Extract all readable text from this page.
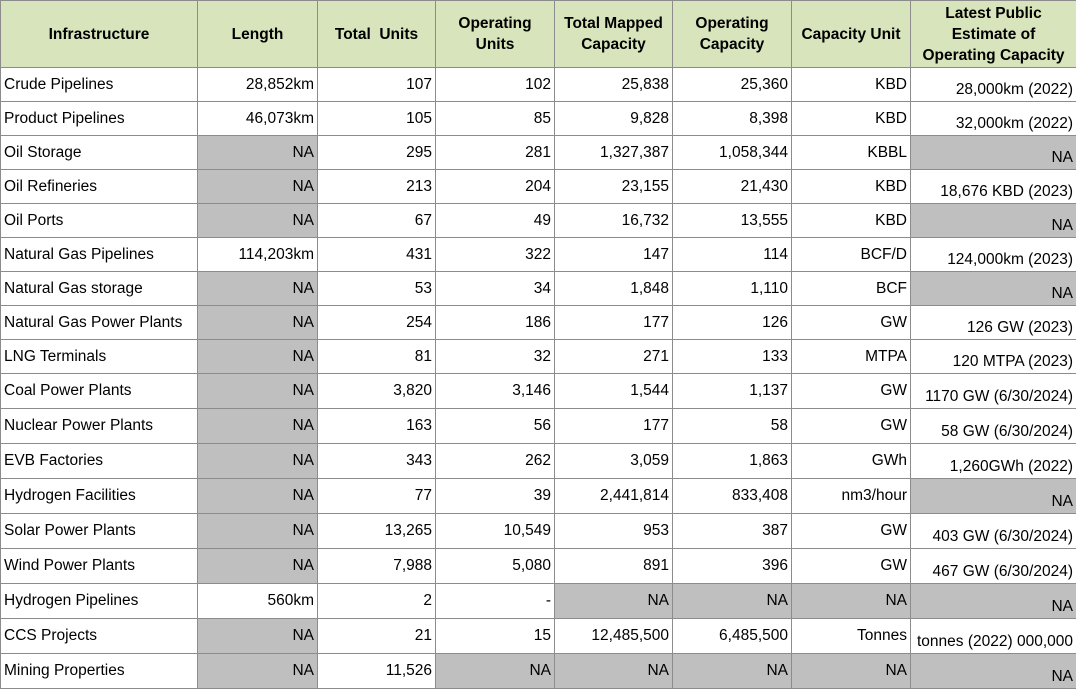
Infrastructure	Length	Total  Units	Operating Units	Total Mapped Capacity	Operating Capacity	Capacity Unit	Latest Public Estimate of Operating Capacity
Crude Pipelines	28,852km	107	102	25,838	25,360	KBD	28,000km (2022)
Product Pipelines	46,073km	105	85	9,828	8,398	KBD	32,000km (2022)
Oil Storage	NA	295	281	1,327,387	1,058,344	KBBL	NA
Oil Refineries	NA	213	204	23,155	21,430	KBD	18,676 KBD (2023)
Oil Ports	NA	67	49	16,732	13,555	KBD	NA
Natural Gas Pipelines	114,203km	431	322	147	114	BCF/D	124,000km (2023)
Natural Gas storage	NA	53	34	1,848	1,110	BCF	NA
Natural Gas Power Plants	NA	254	186	177	126	GW	126 GW (2023)
LNG Terminals	NA	81	32	271	133	MTPA	120 MTPA (2023)
Coal Power Plants	NA	3,820	3,146	1,544	1,137	GW	1170 GW (6/30/2024)
Nuclear Power Plants	NA	163	56	177	58	GW	58 GW (6/30/2024)
EVB Factories	NA	343	262	3,059	1,863	GWh	1,260GWh (2022)
Hydrogen Facilities	NA	77	39	2,441,814	833,408	nm3/hour	NA
Solar Power Plants	NA	13,265	10,549	953	387	GW	403 GW (6/30/2024)
Wind Power Plants	NA	7,988	5,080	891	396	GW	467 GW (6/30/2024)
Hydrogen Pipelines	560km	2	-	NA	NA	NA	NA
CCS Projects	NA	21	15	12,485,500	6,485,500	Tonnes	000,000 tonnes (2022)
Mining Properties	NA	11,526	NA	NA	NA	NA	NA
